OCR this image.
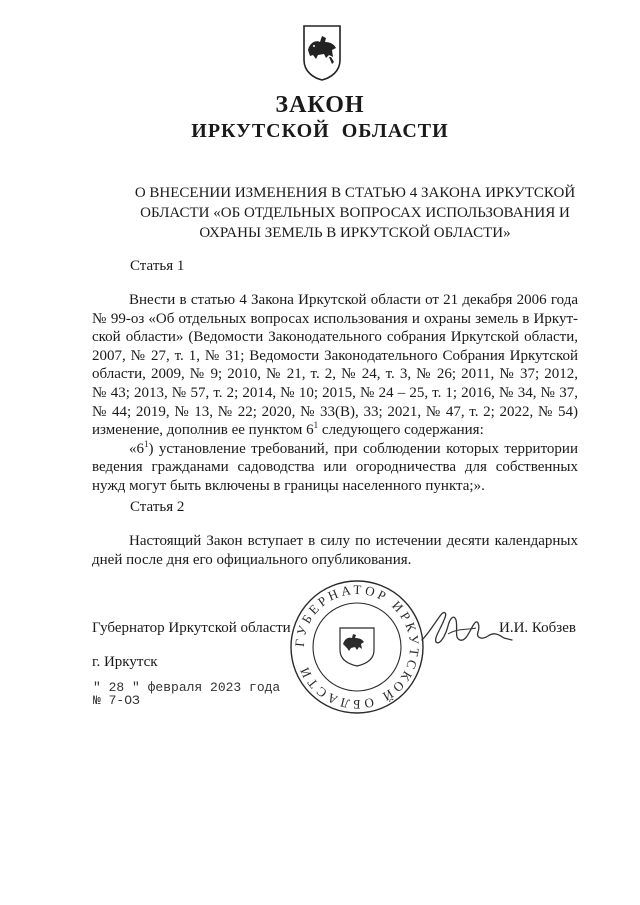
ЗАКОН
ИРКУТСКОЙ ОБЛАСТИ
О ВНЕСЕНИИ ИЗМЕНЕНИЯ В СТАТЬЮ 4 ЗАКОНА ИРКУТСКОЙ
ОБЛАСТИ «ОБ ОТДЕЛЬНЫХ ВОПРОСАХ ИСПОЛЬЗОВАНИЯ И
ОХРАНЫ ЗЕМЕЛЬ В ИРКУТСКОЙ ОБЛАСТИ»
Статья 1
Внести в статью 4 Закона Иркутской области от 21 декабря 2006 года
№ 99-оз «Об отдельных вопросах использования и охраны земель в Иркут-
ской области» (Ведомости Законодательного собрания Иркутской области,
2007, № 27, т. 1, № 31; Ведомости Законодательного Собрания Иркутской
области, 2009, № 9; 2010, № 21, т. 2, № 24, т. 3, № 26; 2011, № 37; 2012,
№ 43; 2013, № 57, т. 2; 2014, № 10; 2015, № 24 – 25, т. 1; 2016, № 34, № 37,
№ 44; 2019, № 13, № 22; 2020, № 33(В), 33; 2021, № 47, т. 2; 2022, № 54)
изменение, дополнив ее пунктом $6^1$ следующего содержания:
«$6^1$) установление требований, при соблюдении которых территории
ведения гражданами садоводства или огородничества для собственных
нужд могут быть включены в границы населенного пункта;».
Статья 2
Настоящий Закон вступает в силу по истечении десяти календарных
дней после дня его официального опубликования.
ГУБЕРНАТОР ИРКУТСКОЙ ОБЛАСТИ
Губернатор Иркутской области	И.И. Кобзев
г. Иркутск
" 28 " февраля 2023 года
№ 7-ОЗ
